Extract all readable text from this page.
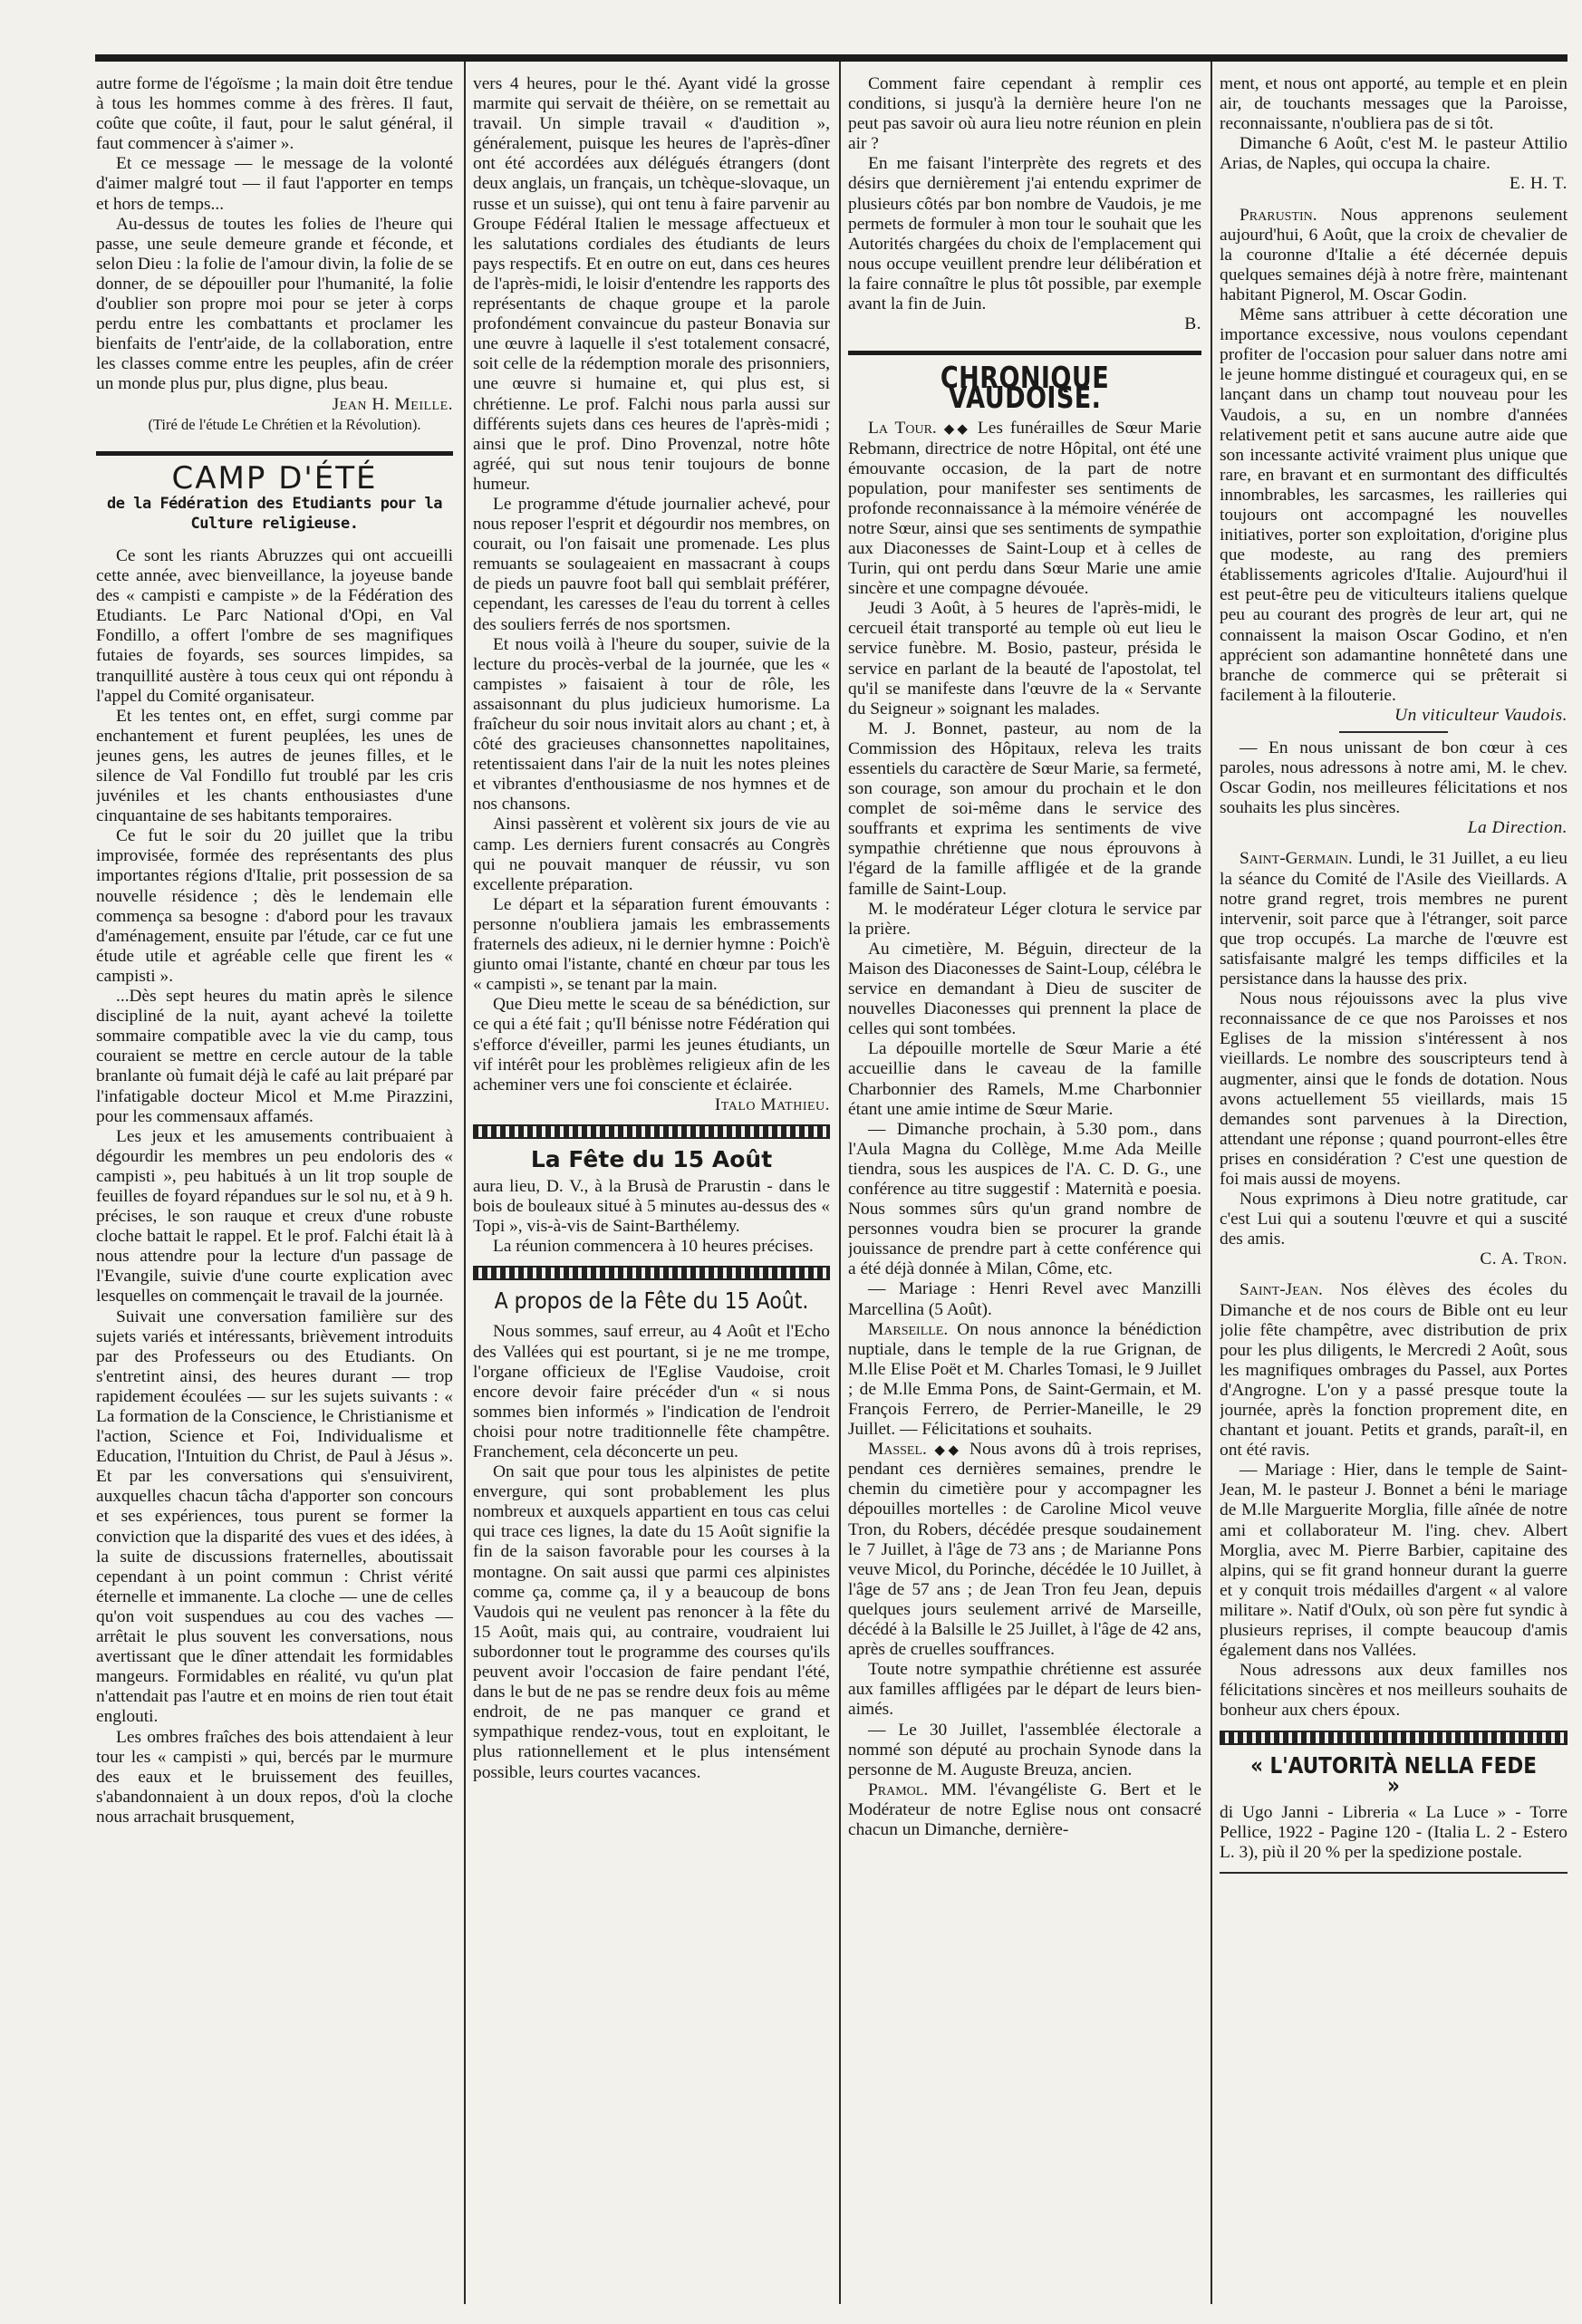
autre forme de l'égoïsme ; la main doit être tendue à tous les hommes comme à des frères. Il faut, coûte que coûte, il faut, pour le salut général, il faut commencer à s'aimer ».

Et ce message — le message de la volonté d'aimer malgré tout — il faut l'apporter en temps et hors de temps...

Au-dessus de toutes les folies de l'heure qui passe, une seule demeure grande et féconde, et selon Dieu : la folie de l'amour divin, la folie de se donner, de se dépouiller pour l'humanité, la folie d'oublier son propre moi pour se jeter à corps perdu entre les combattants et proclamer les bienfaits de l'entr'aide, de la collaboration, entre les classes comme entre les peuples, afin de créer un monde plus pur, plus digne, plus beau.

Jean H. Meille.

(Tiré de l'étude Le Chrétien et la Révolution).

CAMP D'ÉTÉ
de la Fédération des Etudiants pour la Culture religieuse.

Ce sont les riants Abruzzes qui ont accueilli cette année, avec bienveillance, la joyeuse bande des « campisti e campiste » de la Fédération des Etudiants. Le Parc National d'Opi, en Val Fondillo, a offert l'ombre de ses magnifiques futaies de foyards, ses sources limpides, sa tranquillité austère à tous ceux qui ont répondu à l'appel du Comité organisateur.

Et les tentes ont, en effet, surgi comme par enchantement et furent peuplées, les unes de jeunes gens, les autres de jeunes filles, et le silence de Val Fondillo fut troublé par les cris juvéniles et les chants enthousiastes d'une cinquantaine de ses habitants temporaires.

Ce fut le soir du 20 juillet que la tribu improvisée, formée des représentants des plus importantes régions d'Italie, prit possession de sa nouvelle résidence ; dès le lendemain elle commença sa besogne : d'abord pour les travaux d'aménagement, ensuite par l'étude, car ce fut une étude utile et agréable celle que firent les « campisti ».

...Dès sept heures du matin après le silence discipliné de la nuit, ayant achevé la toilette sommaire compatible avec la vie du camp, tous couraient se mettre en cercle autour de la table branlante où fumait déjà le café au lait préparé par l'infatigable docteur Micol et M.me Pirazzini, pour les commensaux affamés.

Les jeux et les amusements contribuaient à dégourdir les membres un peu endoloris des « campisti », peu habitués à un lit trop souple de feuilles de foyard répandues sur le sol nu, et à 9 h. précises, le son rauque et creux d'une robuste cloche battait le rappel. Et le prof. Falchi était là à nous attendre pour la lecture d'un passage de l'Evangile, suivie d'une courte explication avec lesquelles on commençait le travail de la journée.

Suivait une conversation familière sur des sujets variés et intéressants, brièvement introduits par des Professeurs ou des Etudiants. On s'entretint ainsi, des heures durant — trop rapidement écoulées — sur les sujets suivants : « La formation de la Conscience, le Christianisme et l'action, Science et Foi, Individualisme et Education, l'Intuition du Christ, de Paul à Jésus ». Et par les conversations qui s'ensuivirent, auxquelles chacun tâcha d'apporter son concours et ses expériences, tous purent se former la conviction que la disparité des vues et des idées, à la suite de discussions fraternelles, aboutissait cependant à un point commun : Christ vérité éternelle et immanente. La cloche — une de celles qu'on voit suspendues au cou des vaches — arrêtait le plus souvent les conversations, nous avertissant que le dîner attendait les formidables mangeurs. Formidables en réalité, vu qu'un plat n'attendait pas l'autre et en moins de rien tout était englouti.

Les ombres fraîches des bois attendaient à leur tour les « campisti » qui, bercés par le murmure des eaux et le bruissement des feuilles, s'abandonnaient à un doux repos, d'où la cloche nous arrachait brusquement,

vers 4 heures, pour le thé. Ayant vidé la grosse marmite qui servait de théière, on se remettait au travail. Un simple travail « d'audition », généralement, puisque les heures de l'après-dîner ont été accordées aux délégués étrangers (dont deux anglais, un français, un tchèque-slovaque, un russe et un suisse), qui ont tenu à faire parvenir au Groupe Fédéral Italien le message affectueux et les salutations cordiales des étudiants de leurs pays respectifs. Et en outre on eut, dans ces heures de l'après-midi, le loisir d'entendre les rapports des représentants de chaque groupe et la parole profondément convaincue du pasteur Bonavia sur une œuvre à laquelle il s'est totalement consacré, soit celle de la rédemption morale des prisonniers, une œuvre si humaine et, qui plus est, si chrétienne. Le prof. Falchi nous parla aussi sur différents sujets dans ces heures de l'après-midi ; ainsi que le prof. Dino Provenzal, notre hôte agréé, qui sut nous tenir toujours de bonne humeur.

Le programme d'étude journalier achevé, pour nous reposer l'esprit et dégourdir nos membres, on courait, ou l'on faisait une promenade. Les plus remuants se soulageaient en massacrant à coups de pieds un pauvre foot ball qui semblait préférer, cependant, les caresses de l'eau du torrent à celles des souliers ferrés de nos sportsmen.

Et nous voilà à l'heure du souper, suivie de la lecture du procès-verbal de la journée, que les « campistes » faisaient à tour de rôle, les assaisonnant du plus judicieux humorisme. La fraîcheur du soir nous invitait alors au chant ; et, à côté des gracieuses chansonnettes napolitaines, retentissaient dans l'air de la nuit les notes pleines et vibrantes d'enthousiasme de nos hymnes et de nos chansons.

Ainsi passèrent et volèrent six jours de vie au camp. Les derniers furent consacrés au Congrès qui ne pouvait manquer de réussir, vu son excellente préparation.

Le départ et la séparation furent émouvants : personne n'oubliera jamais les embrassements fraternels des adieux, ni le dernier hymne : Poich'è giunto omai l'istante, chanté en chœur par tous les « campisti », se tenant par la main.

Que Dieu mette le sceau de sa bénédiction, sur ce qui a été fait ; qu'Il bénisse notre Fédération qui s'efforce d'éveiller, parmi les jeunes étudiants, un vif intérêt pour les problèmes religieux afin de les acheminer vers une foi consciente et éclairée.

Italo Mathieu.

La Fête du 15 Août

aura lieu, D. V., à la Brusà de Prarustin - dans le bois de bouleaux situé à 5 minutes au-dessus des « Topi », vis-à-vis de Saint-Barthélemy.

La réunion commencera à 10 heures précises.

A propos de la Fête du 15 Août.

Nous sommes, sauf erreur, au 4 Août et l'Echo des Vallées qui est pourtant, si je ne me trompe, l'organe officieux de l'Eglise Vaudoise, croit encore devoir faire précéder d'un « si nous sommes bien informés » l'indication de l'endroit choisi pour notre traditionnelle fête champêtre. Franchement, cela déconcerte un peu.

On sait que pour tous les alpinistes de petite envergure, qui sont probablement les plus nombreux et auxquels appartient en tous cas celui qui trace ces lignes, la date du 15 Août signifie la fin de la saison favorable pour les courses à la montagne. On sait aussi que parmi ces alpinistes comme ça, comme ça, il y a beaucoup de bons Vaudois qui ne veulent pas renoncer à la fête du 15 Août, mais qui, au contraire, voudraient lui subordonner tout le programme des courses qu'ils peuvent avoir l'occasion de faire pendant l'été, dans le but de ne pas se rendre deux fois au même endroit, de ne pas manquer ce grand et sympathique rendez-vous, tout en exploitant, le plus rationnellement et le plus intensément possible, leurs courtes vacances.

Comment faire cependant à remplir ces conditions, si jusqu'à la dernière heure l'on ne peut pas savoir où aura lieu notre réunion en plein air ?

En me faisant l'interprète des regrets et des désirs que dernièrement j'ai entendu exprimer de plusieurs côtés par bon nombre de Vaudois, je me permets de formuler à mon tour le souhait que les Autorités chargées du choix de l'emplacement qui nous occupe veuillent prendre leur délibération et la faire connaître le plus tôt possible, par exemple avant la fin de Juin.

B.

CHRONIQUE VAUDOISE.

La Tour. ◆◆ Les funérailles de Sœur Marie Rebmann, directrice de notre Hôpital, ont été une émouvante occasion, de la part de notre population, pour manifester ses sentiments de profonde reconnaissance à la mémoire vénérée de notre Sœur, ainsi que ses sentiments de sympathie aux Diaconesses de Saint-Loup et à celles de Turin, qui ont perdu dans Sœur Marie une amie sincère et une compagne dévouée.

Jeudi 3 Août, à 5 heures de l'après-midi, le cercueil était transporté au temple où eut lieu le service funèbre. M. Bosio, pasteur, présida le service en parlant de la beauté de l'apostolat, tel qu'il se manifeste dans l'œuvre de la « Servante du Seigneur » soignant les malades.

M. J. Bonnet, pasteur, au nom de la Commission des Hôpitaux, releva les traits essentiels du caractère de Sœur Marie, sa fermeté, son courage, son amour du prochain et le don complet de soi-même dans le service des souffrants et exprima les sentiments de vive sympathie chrétienne que nous éprouvons à l'égard de la famille affligée et de la grande famille de Saint-Loup.

M. le modérateur Léger clotura le service par la prière.

Au cimetière, M. Béguin, directeur de la Maison des Diaconesses de Saint-Loup, célébra le service en demandant à Dieu de susciter de nouvelles Diaconesses qui prennent la place de celles qui sont tombées.

La dépouille mortelle de Sœur Marie a été accueillie dans le caveau de la famille Charbonnier des Ramels, M.me Charbonnier étant une amie intime de Sœur Marie.

— Dimanche prochain, à 5.30 pom., dans l'Aula Magna du Collège, M.me Ada Meille tiendra, sous les auspices de l'A. C. D. G., une conférence au titre suggestif : Maternità e poesia. Nous sommes sûrs qu'un grand nombre de personnes voudra bien se procurer la grande jouissance de prendre part à cette conférence qui a été déjà donnée à Milan, Côme, etc.

— Mariage : Henri Revel avec Manzilli Marcellina (5 Août).

Marseille. On nous annonce la bénédiction nuptiale, dans le temple de la rue Grignan, de M.lle Elise Poët et M. Charles Tomasi, le 9 Juillet ; de M.lle Emma Pons, de Saint-Germain, et M. François Ferrero, de Perrier-Maneille, le 29 Juillet. — Félicitations et souhaits.

Massel. ◆◆ Nous avons dû à trois reprises, pendant ces dernières semaines, prendre le chemin du cimetière pour y accompagner les dépouilles mortelles : de Caroline Micol veuve Tron, du Robers, décédée presque soudainement le 7 Juillet, à l'âge de 73 ans ; de Marianne Pons veuve Micol, du Porinche, décédée le 10 Juillet, à l'âge de 57 ans ; de Jean Tron feu Jean, depuis quelques jours seulement arrivé de Marseille, décédé à la Balsille le 25 Juillet, à l'âge de 42 ans, après de cruelles souffrances.

Toute notre sympathie chrétienne est assurée aux familles affligées par le départ de leurs bien-aimés.

— Le 30 Juillet, l'assemblée électorale a nommé son député au prochain Synode dans la personne de M. Auguste Breuza, ancien.

Pramol. MM. l'évangéliste G. Bert et le Modérateur de notre Eglise nous ont consacré chacun un Dimanche, dernière-

ment, et nous ont apporté, au temple et en plein air, de touchants messages que la Paroisse, reconnaissante, n'oubliera pas de si tôt.

Dimanche 6 Août, c'est M. le pasteur Attilio Arias, de Naples, qui occupa la chaire.

E. H. T.

Prarustin. Nous apprenons seulement aujourd'hui, 6 Août, que la croix de chevalier de la couronne d'Italie a été décernée depuis quelques semaines déjà à notre frère, maintenant habitant Pignerol, M. Oscar Godin.

Même sans attribuer à cette décoration une importance excessive, nous voulons cependant profiter de l'occasion pour saluer dans notre ami le jeune homme distingué et courageux qui, en se lançant dans un champ tout nouveau pour les Vaudois, a su, en un nombre d'années relativement petit et sans aucune autre aide que son incessante activité vraiment plus unique que rare, en bravant et en surmontant des difficultés innombrables, les sarcasmes, les railleries qui toujours ont accompagné les nouvelles initiatives, porter son exploitation, d'origine plus que modeste, au rang des premiers établissements agricoles d'Italie. Aujourd'hui il est peut-être peu de viticulteurs italiens quelque peu au courant des progrès de leur art, qui ne connaissent la maison Oscar Godino, et n'en apprécient son adamantine honnêteté dans une branche de commerce qui se prêterait si facilement à la filouterie.

Un viticulteur Vaudois.

— En nous unissant de bon cœur à ces paroles, nous adressons à notre ami, M. le chev. Oscar Godin, nos meilleures félicitations et nos souhaits les plus sincères.

La Direction.

Saint-Germain. Lundi, le 31 Juillet, a eu lieu la séance du Comité de l'Asile des Vieillards. A notre grand regret, trois membres ne purent intervenir, soit parce que à l'étranger, soit parce que trop occupés. La marche de l'œuvre est satisfaisante malgré les temps difficiles et la persistance dans la hausse des prix.

Nous nous réjouissons avec la plus vive reconnaissance de ce que nos Paroisses et nos Eglises de la mission s'intéressent à nos vieillards. Le nombre des souscripteurs tend à augmenter, ainsi que le fonds de dotation. Nous avons actuellement 55 vieillards, mais 15 demandes sont parvenues à la Direction, attendant une réponse ; quand pourront-elles être prises en considération ? C'est une question de foi mais aussi de moyens.

Nous exprimons à Dieu notre gratitude, car c'est Lui qui a soutenu l'œuvre et qui a suscité des amis.

C. A. Tron.

Saint-Jean. Nos élèves des écoles du Dimanche et de nos cours de Bible ont eu leur jolie fête champêtre, avec distribution de prix pour les plus diligents, le Mercredi 2 Août, sous les magnifiques ombrages du Passel, aux Portes d'Angrogne. L'on y a passé presque toute la journée, après la fonction proprement dite, en chantant et jouant. Petits et grands, paraît-il, en ont été ravis.

— Mariage : Hier, dans le temple de Saint-Jean, M. le pasteur J. Bonnet a béni le mariage de M.lle Marguerite Morglia, fille aînée de notre ami et collaborateur M. l'ing. chev. Albert Morglia, avec M. Pierre Barbier, capitaine des alpins, qui se fit grand honneur durant la guerre et y conquit trois médailles d'argent « al valore militare ». Natif d'Oulx, où son père fut syndic à plusieurs reprises, il compte beaucoup d'amis également dans nos Vallées.

Nous adressons aux deux familles nos félicitations sincères et nos meilleurs souhaits de bonheur aux chers époux.

« L'AUTORITÀ NELLA FEDE »

di Ugo Janni - Libreria « La Luce » - Torre Pellice, 1922 - Pagine 120 - (Italia L. 2 - Estero L. 3), più il 20 % per la spedizione postale.
